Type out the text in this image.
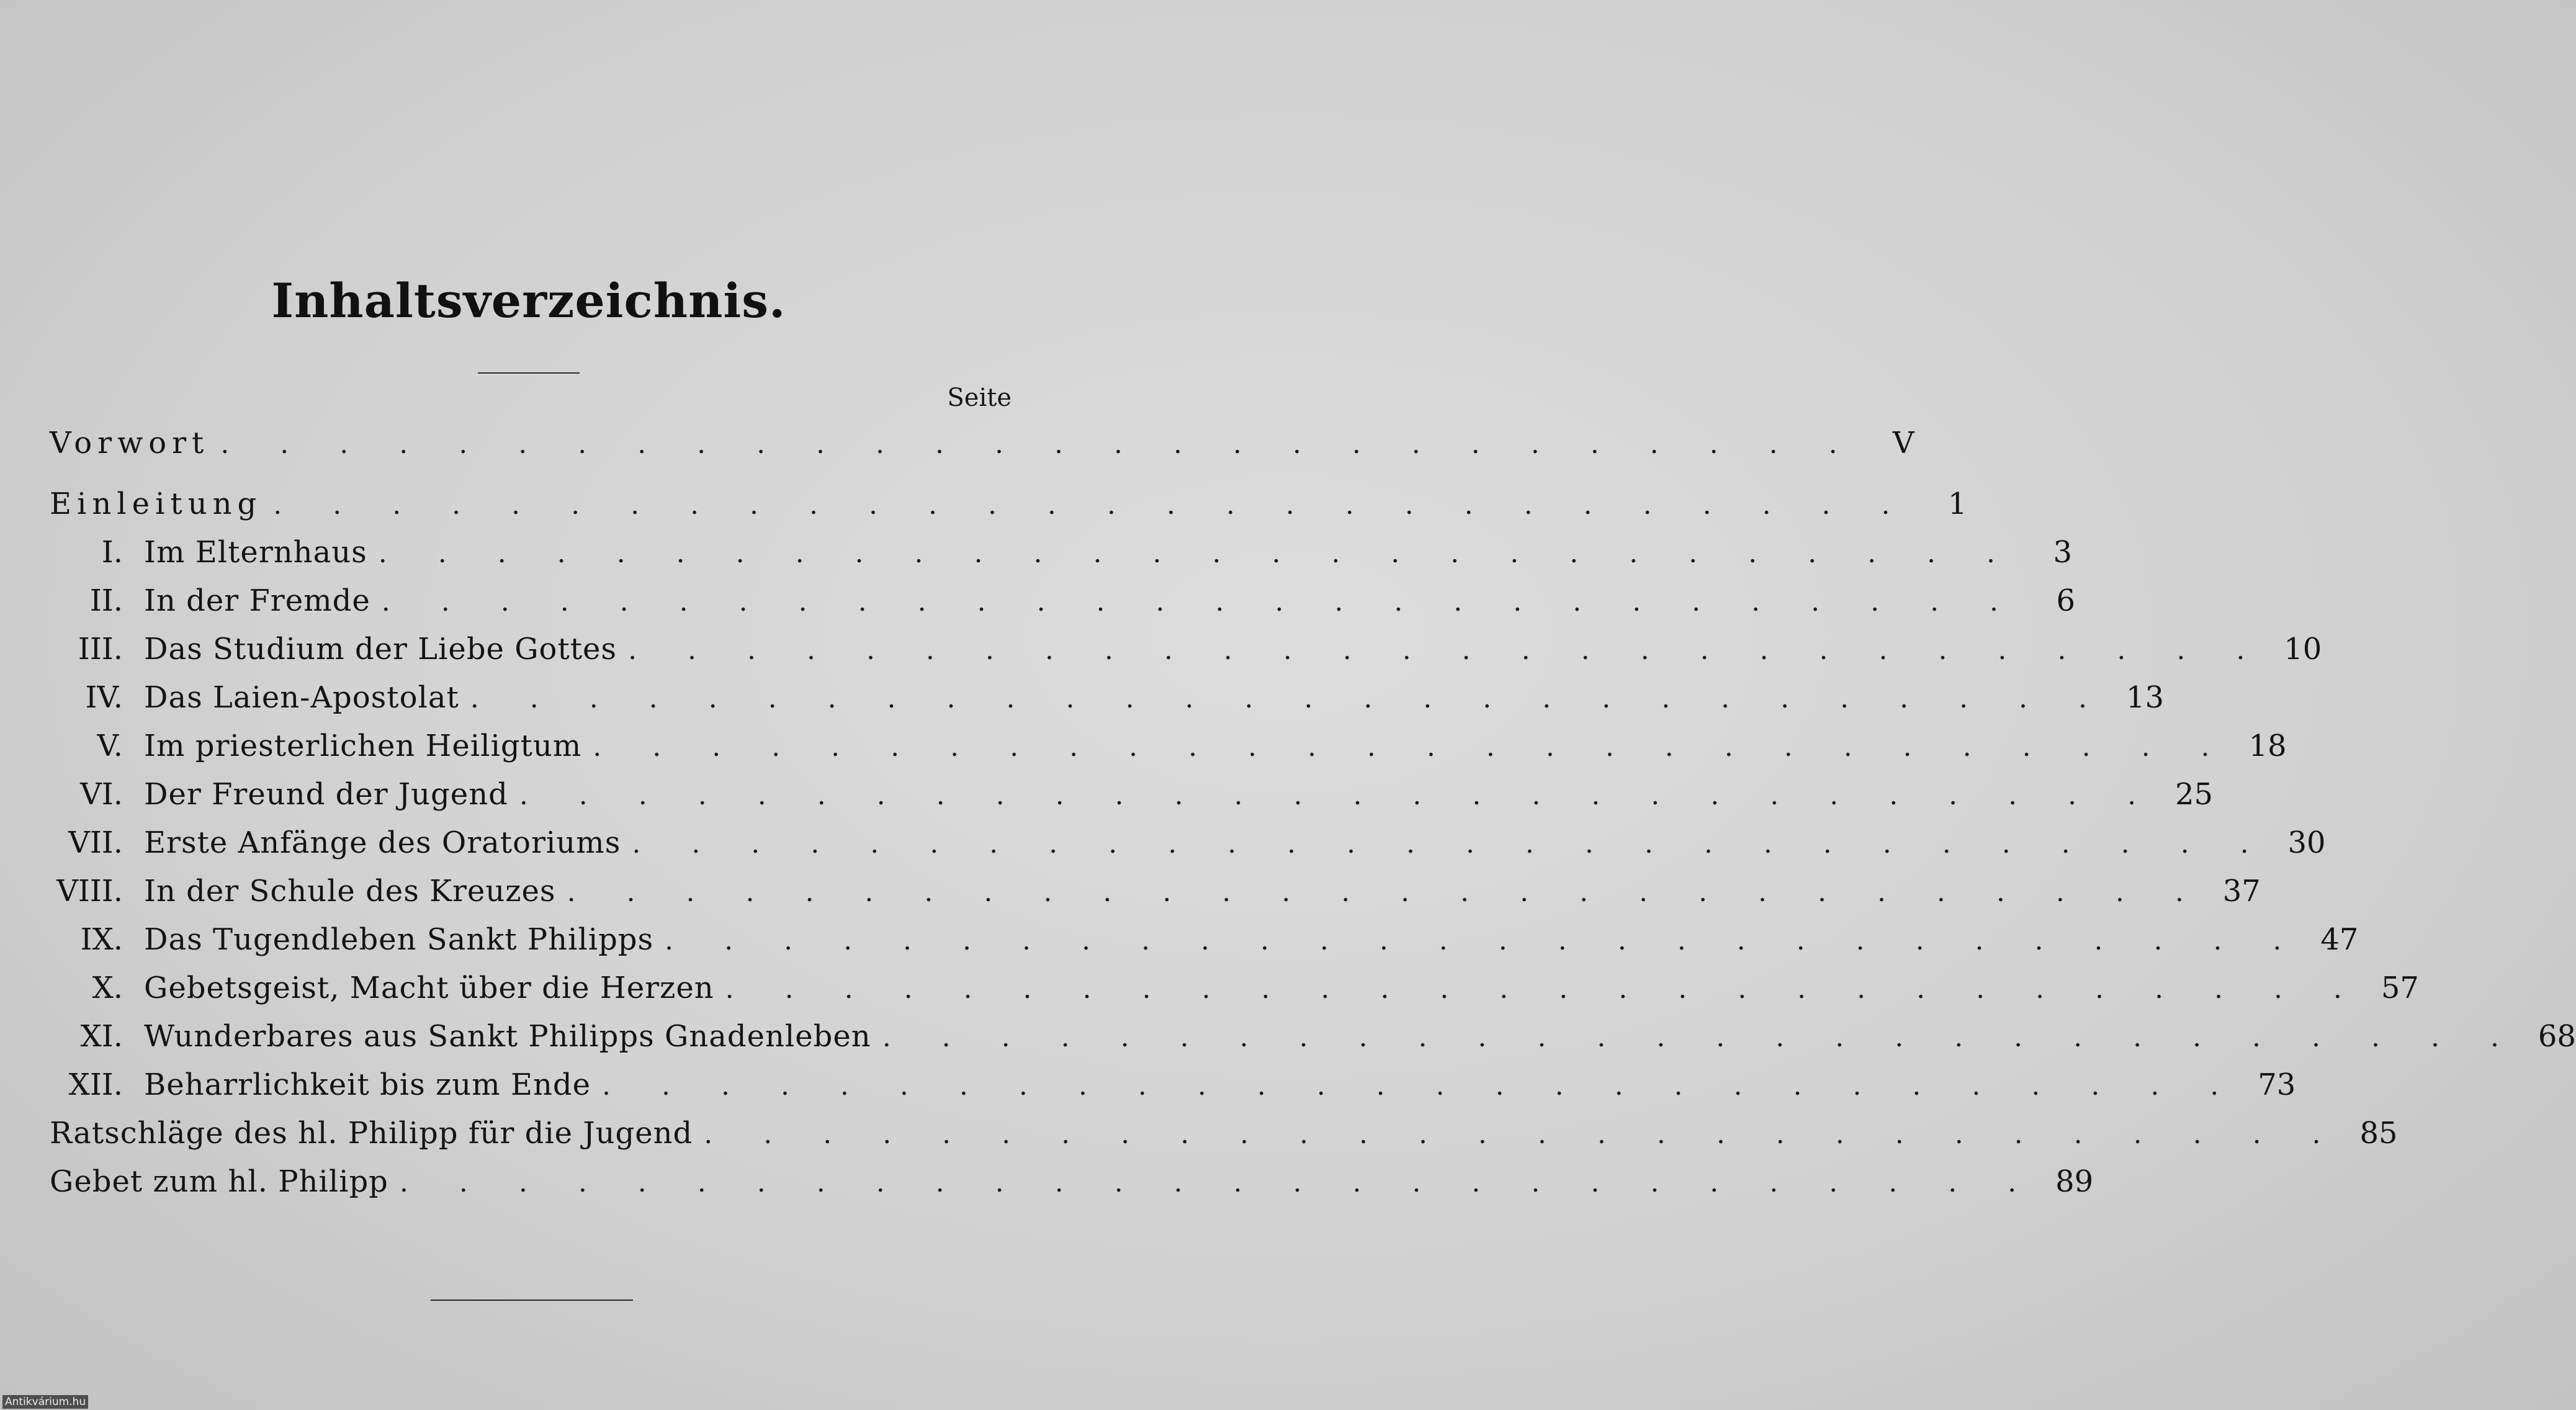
Inhaltsverzeichnis.
Seite
Vorwort . . . . . . . . . . . . . . . . . . . . . . . . . . . .	V
Einleitung . . . . . . . . . . . . . . . . . . . . . . . . . . . .	1
I. Im Elternhaus . . . . . . . . . . . . . . . . . . . . . . . . . . . .	3
II. In der Fremde . . . . . . . . . . . . . . . . . . . . . . . . . . . .	6
III. Das Studium der Liebe Gottes . . . . . . . . . . . . . . . . . . . . . . . . . . . . 10
IV. Das Laien-Apostolat . . . . . . . . . . . . . . . . . . . . . . . . . . . . 13
V. Im priesterlichen Heiligtum . . . . . . . . . . . . . . . . . . . . . . . . . . . . 18
VI. Der Freund der Jugend . . . . . . . . . . . . . . . . . . . . . . . . . . . . 25
VII. Erste Anfänge des Oratoriums . . . . . . . . . . . . . . . . . . . . . . . . . . . . 30
VIII. In der Schule des Kreuzes . . . . . . . . . . . . . . . . . . . . . . . . . . . . 37
IX. Das Tugendleben Sankt Philipps . . . . . . . . . . . . . . . . . . . . . . . . . . . . 47
X. Gebetsgeist, Macht über die Herzen . . . . . . . . . . . . . . . . . . . . . . . . . . . . 57
XI. Wunderbares aus Sankt Philipps Gnadenleben . . . . . . . . . . . . . . . . . . . . . . . . . . . . 68
XII. Beharrlichkeit bis zum Ende . . . . . . . . . . . . . . . . . . . . . . . . . . . . 73
Ratschläge des hl. Philipp für die Jugend . . . . . . . . . . . . . . . . . . . . . . . . . . . . 85
Gebet zum hl. Philipp . . . . . . . . . . . . . . . . . . . . . . . . . . . . 89
Antikvárium.hu
